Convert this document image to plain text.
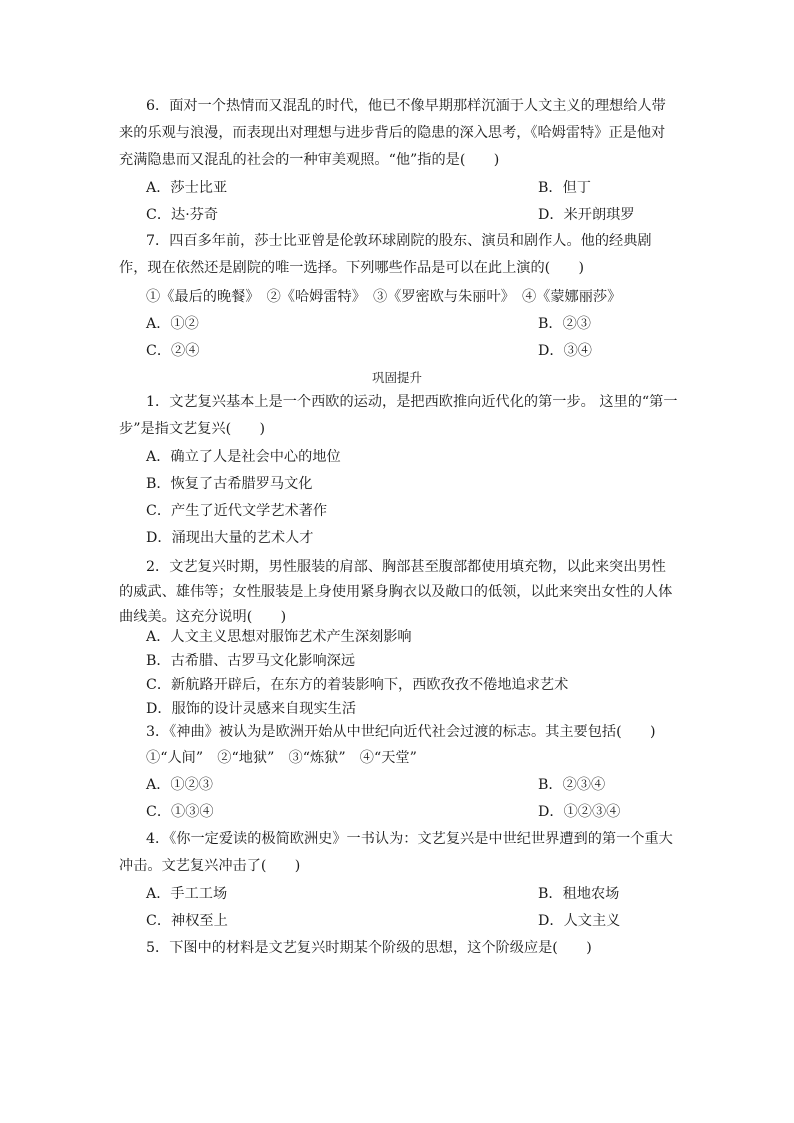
6．面对一个热情而又混乱的时代，他已不像早期那样沉湎于人文主义的理想给人带来的乐观与浪漫，而表现出对理想与进步背后的隐患的深入思考，《哈姆雷特》正是他对充满隐患而又混乱的社会的一种审美观照。“他”指的是(　　)
A．莎士比亚	B．但丁
C．达·芬奇	D．米开朗琪罗
7．四百多年前，莎士比亚曾是伦敦环球剧院的股东、演员和剧作人。他的经典剧作，现在依然还是剧院的唯一选择。下列哪些作品是可以在此上演的(　　)
①《最后的晚餐》　②《哈姆雷特》　③《罗密欧与朱丽叶》　④《蒙娜丽莎》
A．①②	B．②③
C．②④	D．③④
巩固提升
1．文艺复兴基本上是一个西欧的运动，是把西欧推向近代化的第一步。 这里的“第一步”是指文艺复兴(　　)
A．确立了人是社会中心的地位
B．恢复了古希腊罗马文化
C．产生了近代文学艺术著作
D．涌现出大量的艺术人才
2．文艺复兴时期，男性服装的肩部、胸部甚至腹部都使用填充物，以此来突出男性的威武、雄伟等；女性服装是上身使用紧身胸衣以及敞口的低领，以此来突出女性的人体曲线美。这充分说明(　　)
A．人文主义思想对服饰艺术产生深刻影响
B．古希腊、古罗马文化影响深远
C．新航路开辟后，在东方的着装影响下，西欧孜孜不倦地追求艺术
D．服饰的设计灵感来自现实生活
3．《神曲》被认为是欧洲开始从中世纪向近代社会过渡的标志。其主要包括(　　)
①“人间”　②“地狱”　③“炼狱”　④“天堂”
A．①②③	B．②③④
C．①③④	D．①②③④
4．《你一定爱读的极简欧洲史》一书认为：文艺复兴是中世纪世界遭到的第一个重大冲击。文艺复兴冲击了(　　)
A．手工工场	B．租地农场
C．神权至上	D．人文主义
5．下图中的材料是文艺复兴时期某个阶级的思想，这个阶级应是(　　)
